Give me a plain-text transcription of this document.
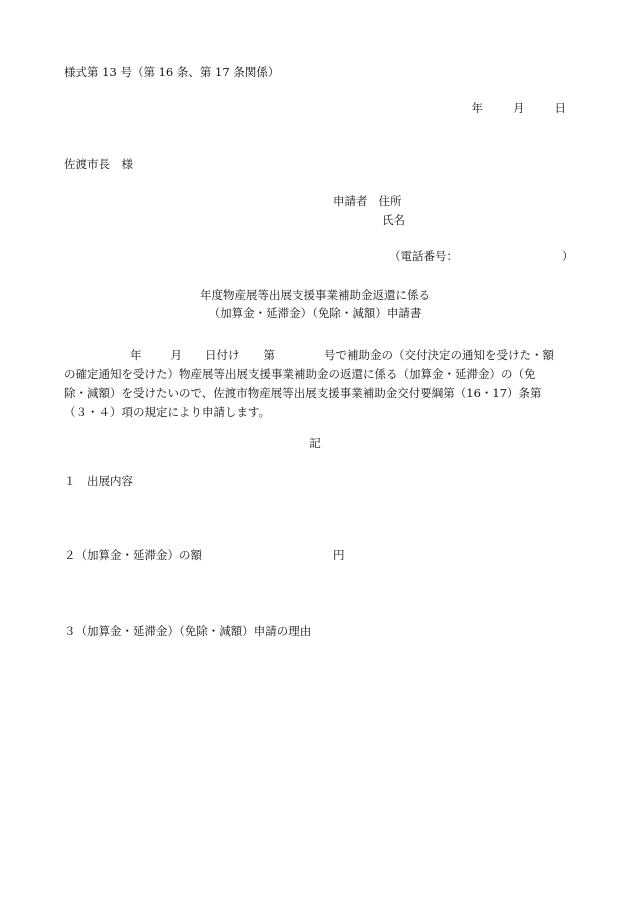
様式第 13 号（第 16 条、第 17 条関係）
年	月	日
佐渡市長　様
申請者 住所
氏名
（電話番号：	）
年度物産展等出展支援事業補助金返還に係る
（加算金・延滞金）（免除・減額）申請書
年	月 日付け 第	号で補助金の（交付決定の通知を受けた・額
の確定通知を受けた）物産展等出展支援事業補助金の返還に係る（加算金・延滞金）の（免
除・減額）を受けたいので、佐渡市物産展等出展支援事業補助金交付要綱第（16・17）条第
（３・４）項の規定により申請します。
記
１　出展内容
２（加算金・延滞金）の額	円
３（加算金・延滞金）（免除・減額）申請の理由
